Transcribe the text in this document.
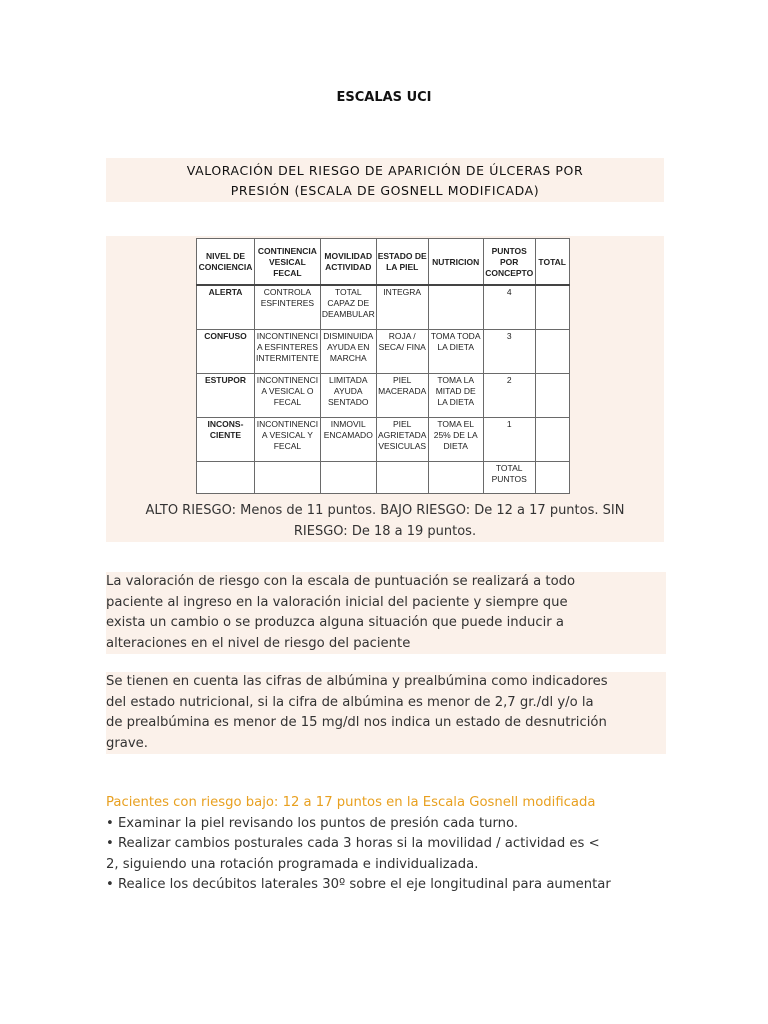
ESCALAS UCI
VALORACIÓN DEL RIESGO DE APARICIÓN DE ÚLCERAS POR
PRESIÓN (ESCALA DE GOSNELL MODIFICADA)
NIVEL DE CONCIENCIA	CONTINENCIA VESICAL FECAL	MOVILIDAD ACTIVIDAD	ESTADO DE LA PIEL	NUTRICION	PUNTOS POR CONCEPTO	TOTAL
ALERTA	CONTROLA ESFINTERES	TOTAL CAPAZ DE DEAMBULAR	INTEGRA		4	
CONFUSO	INCONTINENCI A ESFINTERES INTERMITENTE	DISMINUIDA AYUDA EN MARCHA	ROJA / SECA/ FINA	TOMA TODA LA DIETA	3	
ESTUPOR	INCONTINENCI A VESICAL O FECAL	LIMITADA AYUDA SENTADO	PIEL MACERADA	TOMA LA MITAD DE LA DIETA	2	
INCONS- CIENTE	INCONTINENCI A VESICAL Y FECAL	INMOVIL ENCAMADO	PIEL AGRIETADA VESICULAS	TOMA EL 25% DE LA DIETA	1	
					TOTAL PUNTOS	
ALTO RIESGO: Menos de 11 puntos. BAJO RIESGO: De 12 a 17 puntos. SIN
RIESGO: De 18 a 19 puntos.
La valoración de riesgo con la escala de puntuación se realizará a todo
paciente al ingreso en la valoración inicial del paciente y siempre que
exista un cambio o se produzca alguna situación que puede inducir a
alteraciones en el nivel de riesgo del paciente
Se tienen en cuenta las cifras de albúmina y prealbúmina como indicadores
del estado nutricional, si la cifra de albúmina es menor de 2,7 gr./dl y/o la
de prealbúmina es menor de 15 mg/dl nos indica un estado de desnutrición
grave.
Pacientes con riesgo bajo: 12 a 17 puntos en la Escala Gosnell modificada
• Examinar la piel revisando los puntos de presión cada turno.
• Realizar cambios posturales cada 3 horas si la movilidad / actividad es <
2, siguiendo una rotación programada e individualizada.
• Realice los decúbitos laterales 30º sobre el eje longitudinal para aumentar
